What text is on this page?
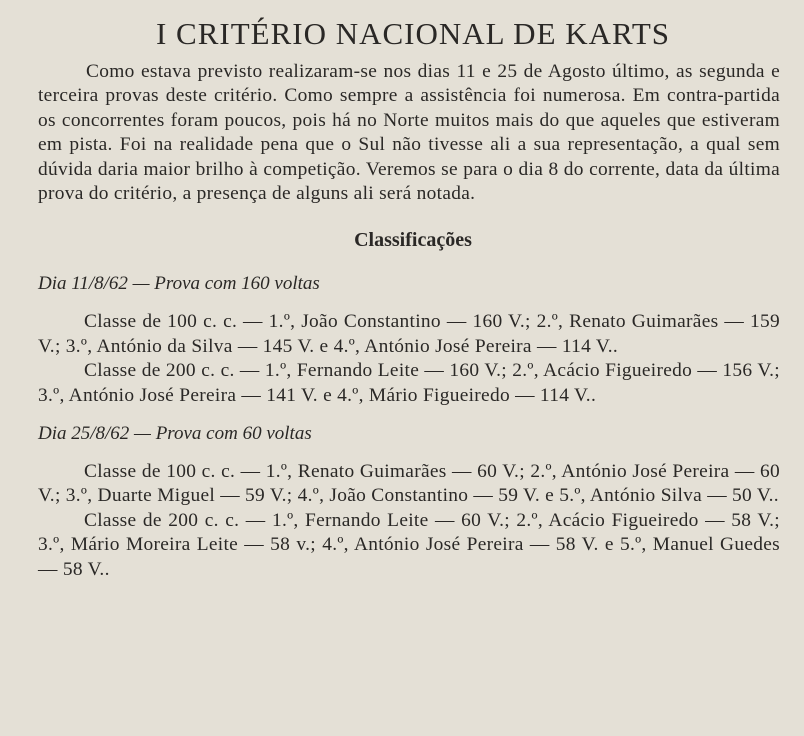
I CRITÉRIO NACIONAL DE KARTS

Como estava previsto realizaram-se nos dias 11 e 25 de Agosto último, as segunda e terceira provas deste critério. Como sempre a assistência foi numerosa. Em contra-partida os concorrentes foram poucos, pois há no Norte muitos mais do que aqueles que estiveram em pista. Foi na realidade pena que o Sul não tivesse ali a sua representação, a qual sem dúvida daria maior brilho à competição. Veremos se para o dia 8 do corrente, data da última prova do critério, a presença de alguns ali será notada.

Classificações
Dia 11/8/62 — Prova com 160 voltas

Classe de 100 c. c. — 1.º, João Constantino — 160 V.; 2.º, Renato Guimarães — 159 V.; 3.º, António da Silva — 145 V. e 4.º, António José Pereira — 114 V..

Classe de 200 c. c. — 1.º, Fernando Leite — 160 V.; 2.º, Acácio Figueiredo — 156 V.; 3.º, António José Pereira — 141 V. e 4.º, Mário Figueiredo — 114 V..

Dia 25/8/62 — Prova com 60 voltas

Classe de 100 c. c. — 1.º, Renato Guimarães — 60 V.; 2.º, António José Pereira — 60 V.; 3.º, Duarte Miguel — 59 V.; 4.º, João Constantino — 59 V. e 5.º, António Silva — 50 V..

Classe de 200 c. c. — 1.º, Fernando Leite — 60 V.; 2.º, Acácio Figueiredo — 58 V.; 3.º, Mário Moreira Leite — 58 v.; 4.º, António José Pereira — 58 V. e 5.º, Manuel Guedes — 58 V..
